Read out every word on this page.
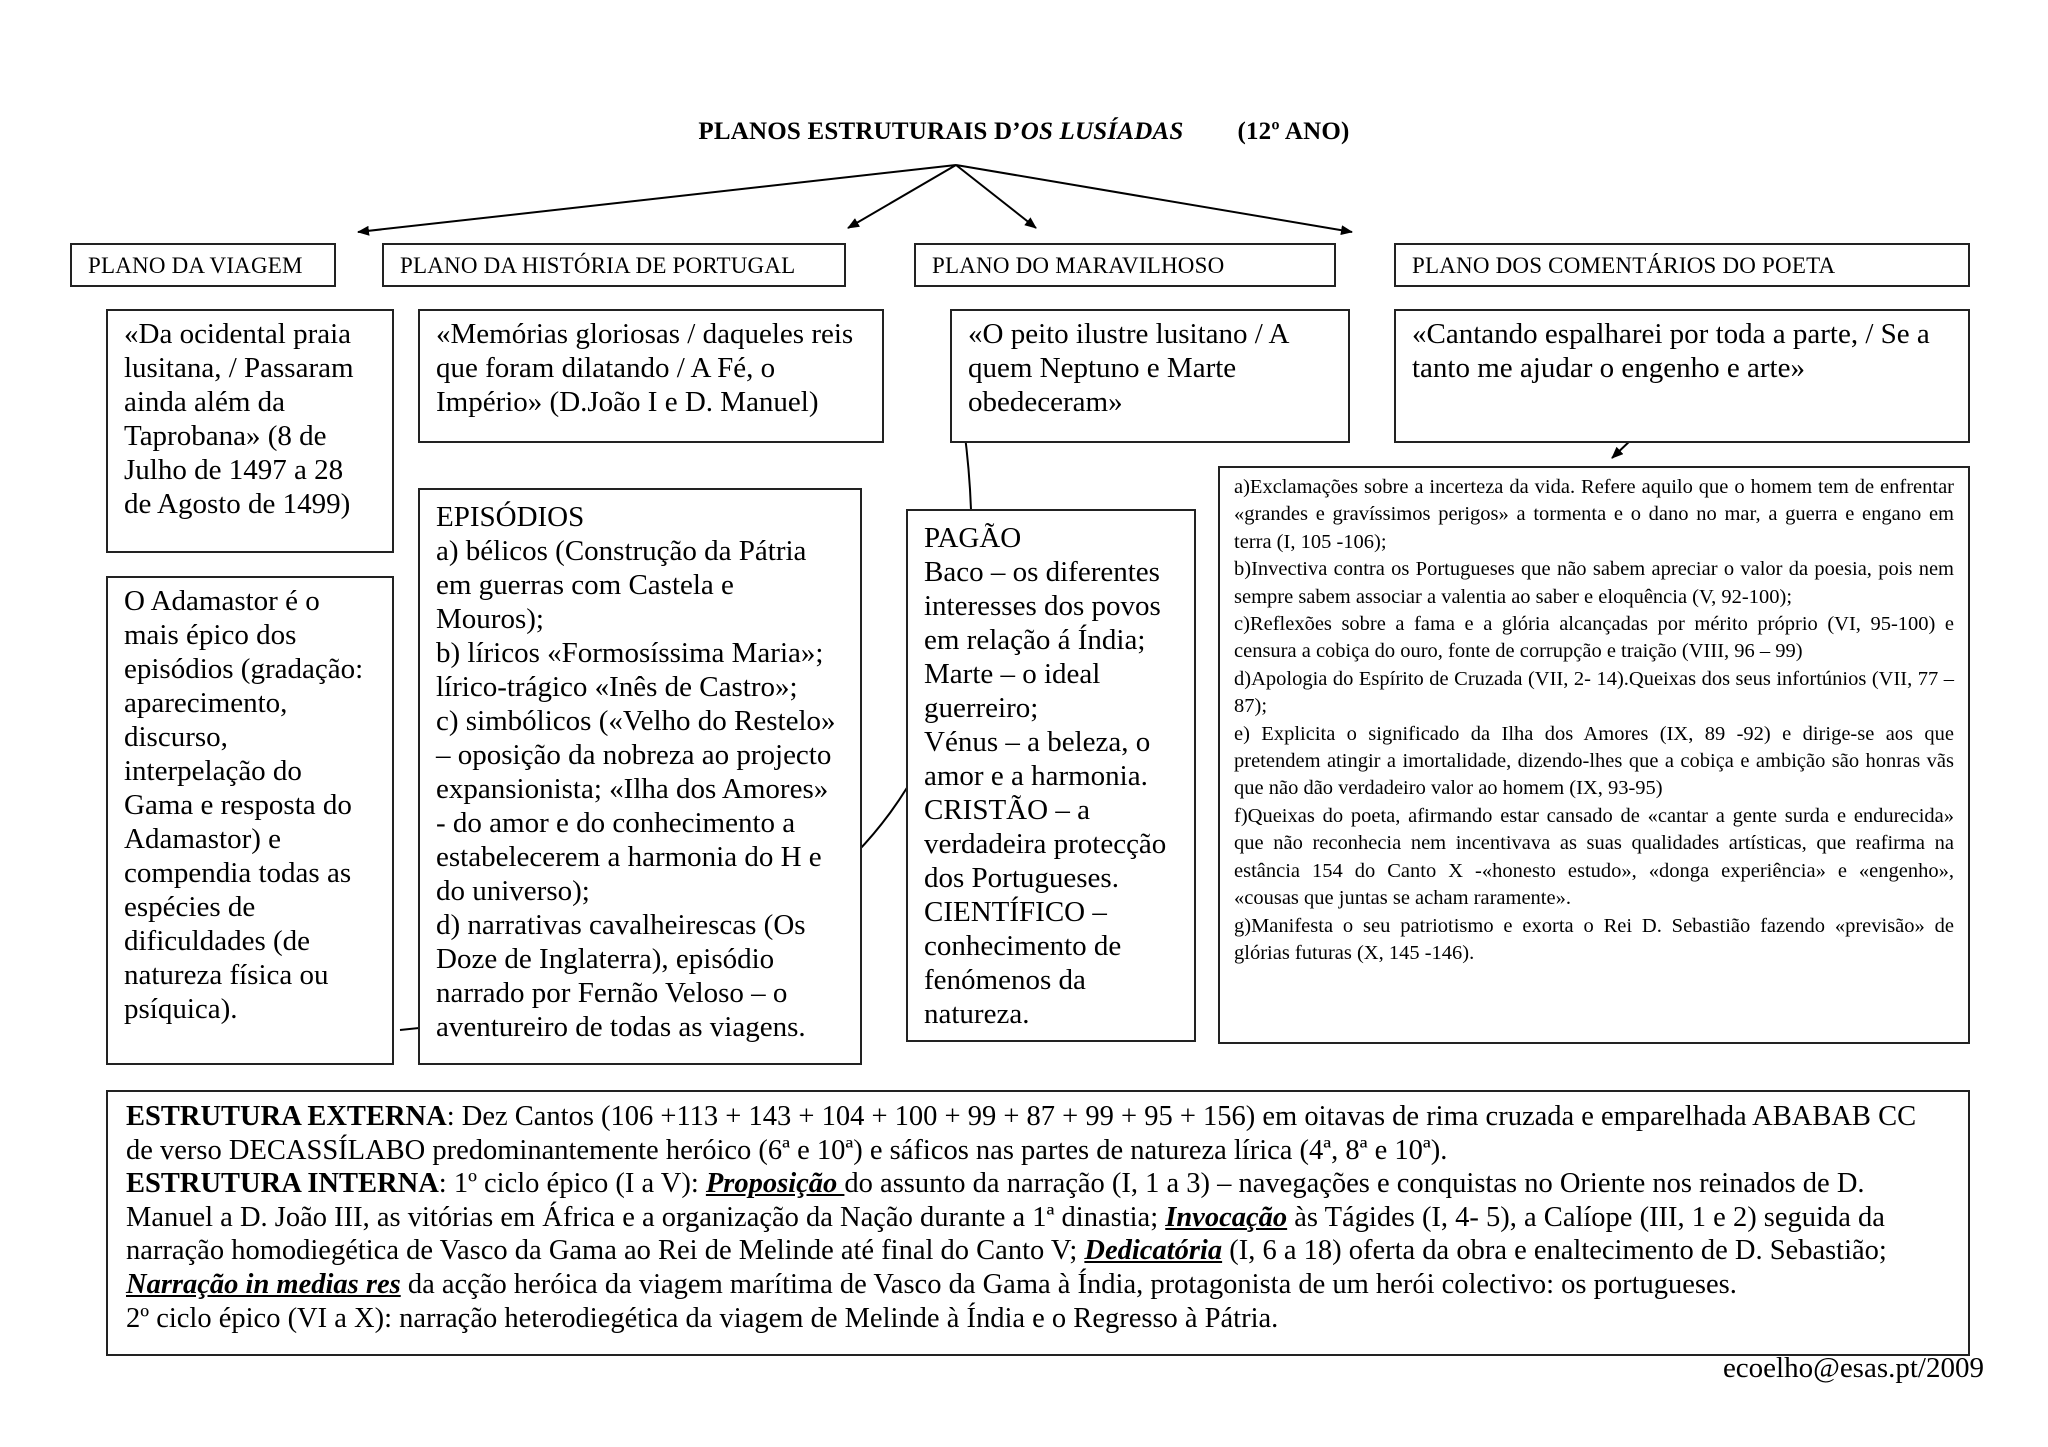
PLANOS ESTRUTURAIS D’OS LUSÍADAS (12º ANO)
PLANO DA VIAGEM	PLANO DA HISTÓRIA DE PORTUGAL	PLANO DO MARAVILHOSO	PLANO DOS COMENTÁRIOS DO POETA
«Da ocidental praia lusitana, / Passaram ainda além da Taprobana» (8 de Julho de 1497 a 28 de Agosto de 1499)
«Memórias gloriosas / daqueles reis que foram dilatando / A Fé, o Império» (D.João I e D. Manuel)
«O peito ilustre lusitano / A quem Neptuno e Marte obedeceram»
«Cantando espalharei por toda a parte, / Se a tanto me ajudar o engenho e arte»
O Adamastor é o mais épico dos episódios (gradação: aparecimento, discurso, interpelação do Gama e resposta do Adamastor) e compendia todas as espécies de dificuldades (de natureza física ou psíquica).
EPISÓDIOS
a) bélicos (Construção da Pátria em guerras com Castela e Mouros);
b) líricos «Formosíssima Maria»; lírico-trágico «Inês de Castro»;
c) simbólicos («Velho do Restelo» – oposição da nobreza ao projecto expansionista; «Ilha dos Amores» - do amor e do conhecimento a estabelecerem a harmonia do H e do universo);
d) narrativas cavalheirescas (Os Doze de Inglaterra), episódio narrado por Fernão Veloso – o aventureiro de todas as viagens.
PAGÃO
Baco – os diferentes interesses dos povos em relação á Índia;
Marte – o ideal guerreiro;
Vénus – a beleza, o amor e a harmonia.
CRISTÃO – a verdadeira protecção dos Portugueses.
CIENTÍFICO – conhecimento de fenómenos da natureza.
a)Exclamações sobre a incerteza da vida. Refere aquilo que o homem tem de enfrentar «grandes e gravíssimos perigos» a tormenta e o dano no mar, a guerra e engano em terra (I, 105 -106);
b)Invectiva contra os Portugueses que não sabem apreciar o valor da poesia, pois nem sempre sabem associar a valentia ao saber e eloquência (V, 92-100);
c)Reflexões sobre a fama e a glória alcançadas por mérito próprio (VI, 95-100) e censura a cobiça do ouro, fonte de corrupção e traição (VIII, 96 – 99)
d)Apologia do Espírito de Cruzada (VII, 2- 14).Queixas dos seus infortúnios (VII, 77 – 87);
e) Explicita o significado da Ilha dos Amores (IX, 89 -92) e dirige-se aos que pretendem atingir a imortalidade, dizendo-lhes que a cobiça e ambição são honras vãs que não dão verdadeiro valor ao homem (IX, 93-95)
f)Queixas do poeta, afirmando estar cansado de «cantar a gente surda e endurecida» que não reconhecia nem incentivava as suas qualidades artísticas, que reafirma na estância 154 do Canto X -«honesto estudo», «donga experiência» e «engenho», «cousas que juntas se acham raramente».
g)Manifesta o seu patriotismo e exorta o Rei D. Sebastião fazendo «previsão» de glórias futuras (X, 145 -146).
ESTRUTURA EXTERNA: Dez Cantos (106 +113 + 143 + 104 + 100 + 99 + 87 + 99 + 95 + 156) em oitavas de rima cruzada e emparelhada ABABAB CC de verso DECASSÍLABO predominantemente heróico (6ª e 10ª) e sáficos nas partes de natureza lírica (4ª, 8ª e 10ª).
ESTRUTURA INTERNA: 1º ciclo épico (I a V): Proposição do assunto da narração (I, 1 a 3) – navegações e conquistas no Oriente nos reinados de D. Manuel a D. João III, as vitórias em África e a organização da Nação durante a 1ª dinastia; Invocação às Tágides (I, 4- 5), a Calíope (III, 1 e 2) seguida da narração homodiegética de Vasco da Gama ao Rei de Melinde até final do Canto V; Dedicatória (I, 6 a 18) oferta da obra e enaltecimento de D. Sebastião; Narração in medias res da acção heróica da viagem marítima de Vasco da Gama à Índia, protagonista de um herói colectivo: os portugueses.
2º ciclo épico (VI a X): narração heterodiegética da viagem de Melinde à Índia e o Regresso à Pátria.
ecoelho@esas.pt/2009
